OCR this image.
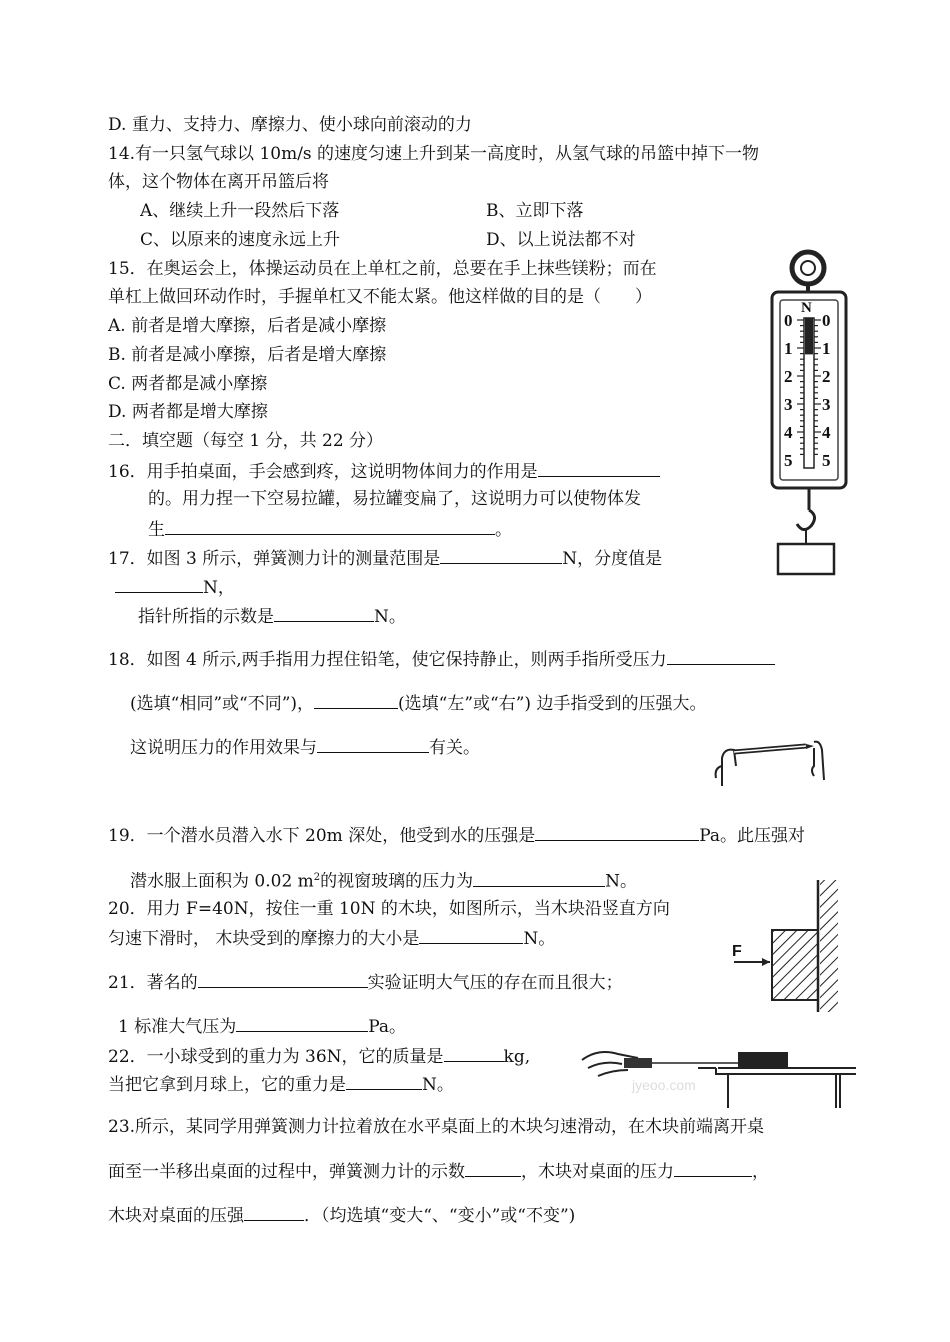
D. 重力、支持力、摩擦力、使小球向前滚动的力
14.有一只氢气球以 10m/s 的速度匀速上升到某一高度时，从氢气球的吊篮中掉下一物
体，这个物体在离开吊篮后将
A、继续上升一段然后下落	B、立即下落
C、以原来的速度永远上升	D、以上说法都不对
15．在奥运会上，体操运动员在上单杠之前，总要在手上抹些镁粉；而在
单杠上做回环动作时，手握单杠又不能太紧。他这样做的目的是（　　）
A. 前者是增大摩擦，后者是减小摩擦
B. 前者是减小摩擦，后者是增大摩擦
C. 两者都是减小摩擦
D. 两者都是增大摩擦
二．填空题（每空 1 分，共 22 分）
16．用手拍桌面，手会感到疼，这说明物体间力的作用是
的。用力捏一下空易拉罐，易拉罐变扁了，这说明力可以使物体发
生	。
17．如图 3 所示，弹簧测力计的测量范围是	N，分度值是
N，
指针所指的示数是	N。
18．如图 4 所示,两手指用力捏住铅笔，使它保持静止，则两手指所受压力
(选填“相同”或“不同”)，	(选填“左”或“右”) 边手指受到的压强大。
这说明压力的作用效果与	有关。
19．一个潜水员潜入水下 20m 深处，他受到水的压强是	Pa。此压强对
潜水服上面积为 0.02 $m^2$的视窗玻璃的压力为	N。
20．用力 F=40N，按住一重 10N 的木块，如图所示，当木块沿竖直方向
匀速下滑时， 木块受到的摩擦力的大小是	N。
21．著名的	实验证明大气压的存在而且很大；
1 标准大气压为	Pa。
22．一小球受到的重力为 36N，它的质量是	kg,
当把它拿到月球上，它的重力是	N。
23.所示，某同学用弹簧测力计拉着放在水平桌面上的木块匀速滑动，在木块前端离开桌
面至一半移出桌面的过程中，弹簧测力计的示数	，木块对桌面的压力	，
木块对桌面的压强	．（均选填“变大“、“变小”或“不变”)
N
0 0
1 1
2 2
3 3
4 4
5 5
F
jyeoo.com
